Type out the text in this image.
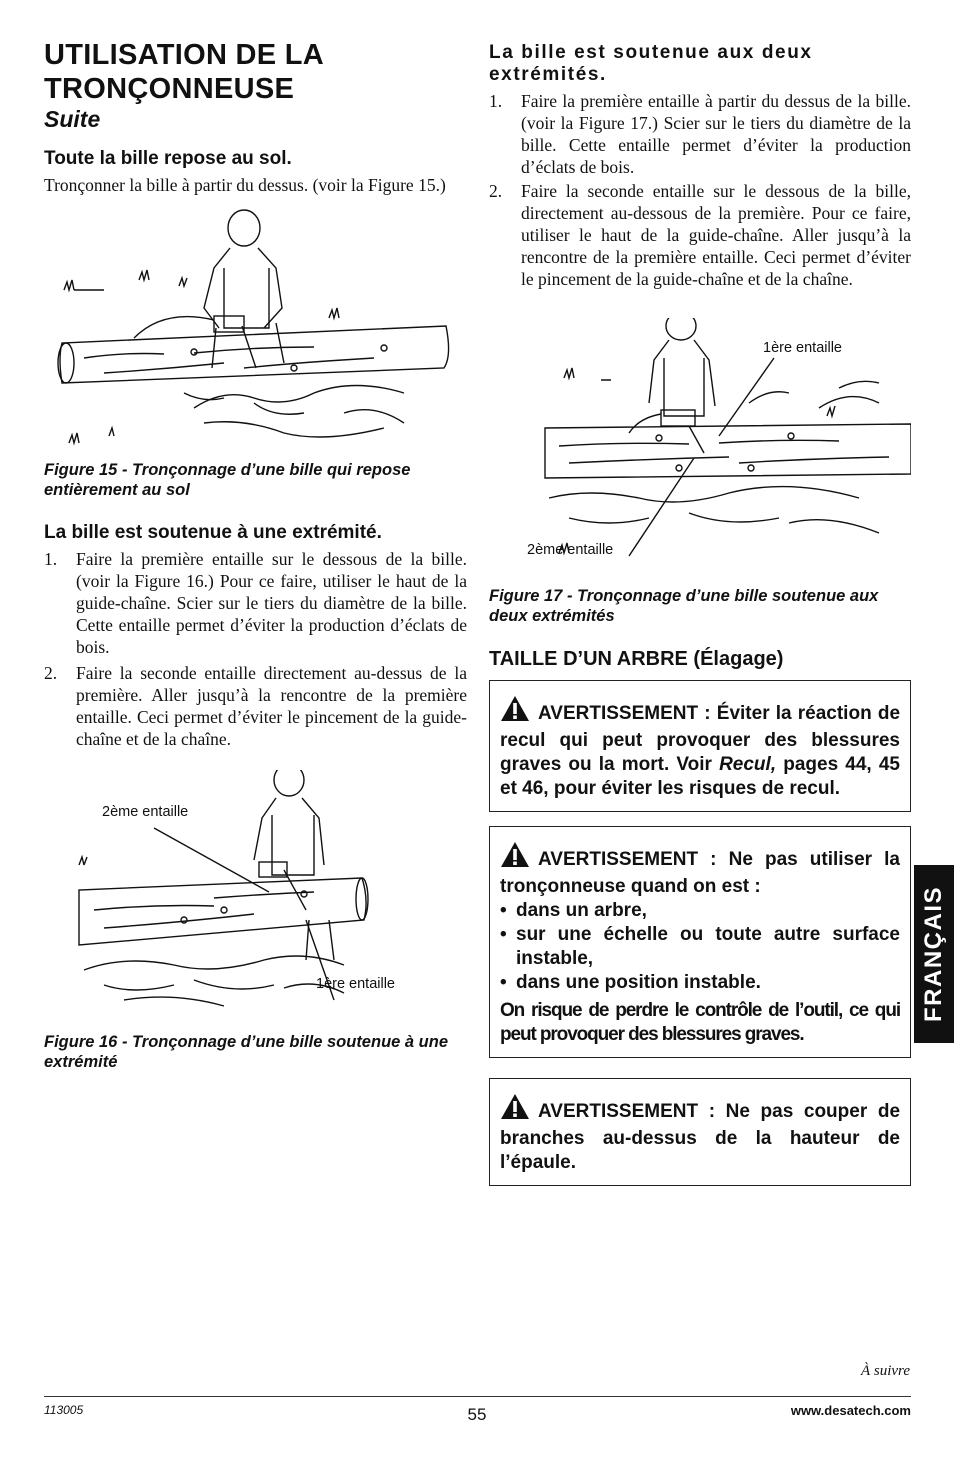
UTILISATION DE LA
TRONÇONNEUSE
Suite
Toute la bille repose au sol.

Tronçonner la bille à partir du dessus. (voir la Figure 15.)

Figure 15 - Tronçonnage d’une bille qui repose entièrement au sol

La bille est soutenue à une extrémité.
1. Faire la première entaille sur le dessous de la bille. (voir la Figure 16.) Pour ce faire, utiliser le haut de la guide-chaîne. Scier sur le tiers du diamètre de la bille. Cette entaille permet d’éviter la production d’éclats de bois.
2. Faire la seconde entaille directement au-dessus de la première. Aller jusqu’à la rencontre de la première entaille. Ceci permet d’éviter le pincement de la guide-chaîne et de la chaîne.
2ème entaille
1ère entaille

Figure 16 - Tronçonnage d’une bille soutenue à une extrémité

La bille est soutenue aux deux extrémités.
1. Faire la première entaille à partir du dessus de la bille. (voir la Figure 17.) Scier sur le tiers du diamètre de la bille. Cette entaille permet d’éviter la production d’éclats de bois.
2. Faire la seconde entaille sur le dessous de la bille, directement au-dessous de la première. Pour ce faire, utiliser le haut de la guide-chaîne. Aller jusqu’à la rencontre de la première entaille. Ceci permet d’éviter le pincement de la guide-chaîne et de la chaîne.
1ère entaille
2ème entaille

Figure 17 - Tronçonnage d’une bille soutenue aux deux extrémités

TAILLE D’UN ARBRE (Élagage)
AVERTISSEMENT : Éviter la réaction de recul qui peut provoquer des blessures graves ou la mort. Voir Recul, pages 44, 45 et 46, pour éviter les risques de recul.
AVERTISSEMENT : Ne pas utiliser la tronçonneuse quand on est :
• dans un arbre,
• sur une échelle ou toute autre surface instable,
• dans une position instable.
On risque de perdre le contrôle de l’outil, ce qui peut provoquer des blessures graves.
AVERTISSEMENT : Ne pas couper de branches au-dessus de la hauteur de l’épaule.
FRANÇAIS
À suivre
113005	55	www.desatech.com
